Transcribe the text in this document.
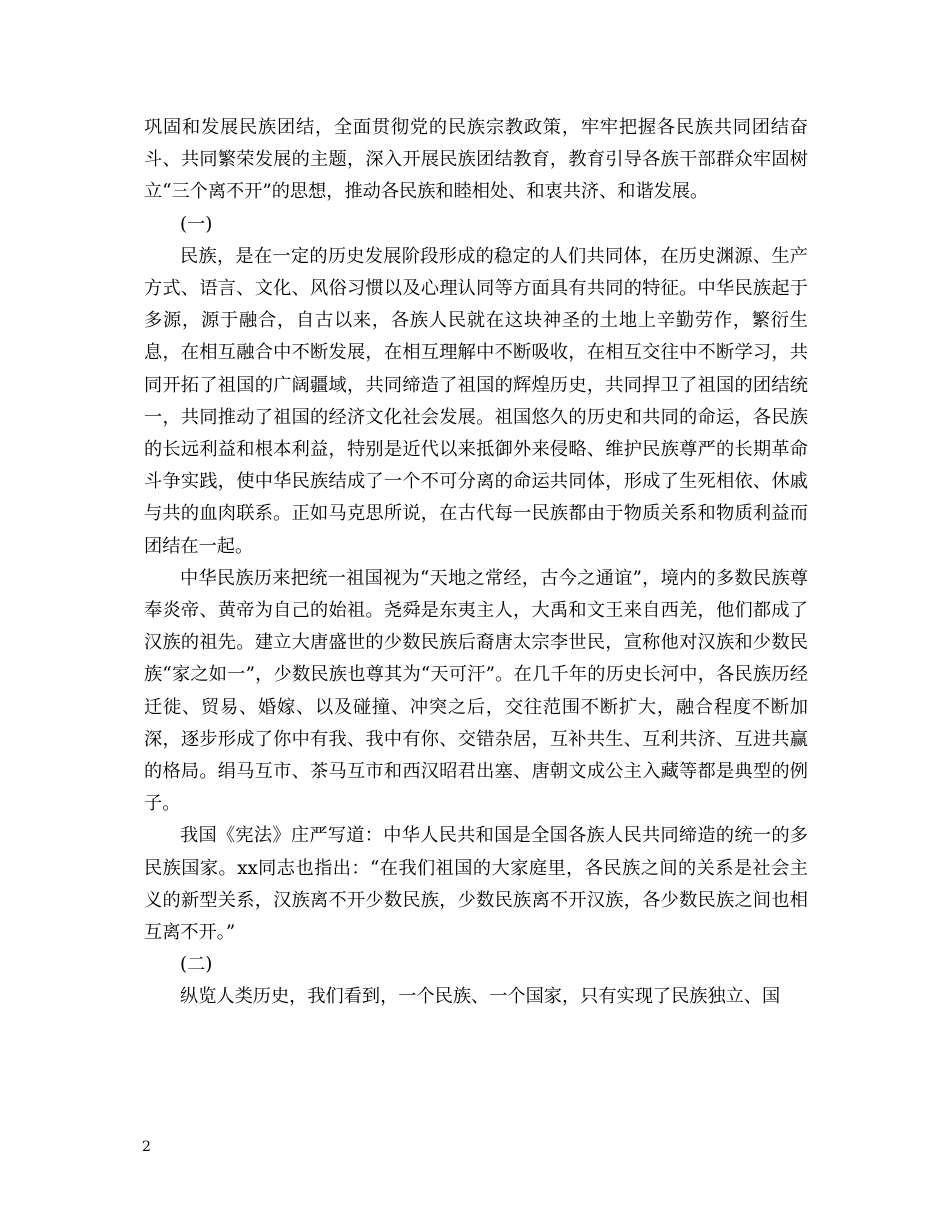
巩固和发展民族团结，全面贯彻党的民族宗教政策，牢牢把握各民族共同团结奋斗、共同繁荣发展的主题，深入开展民族团结教育，教育引导各族干部群众牢固树立“三个离不开”的思想，推动各民族和睦相处、和衷共济、和谐发展。

(一)

民族，是在一定的历史发展阶段形成的稳定的人们共同体，在历史渊源、生产方式、语言、文化、风俗习惯以及心理认同等方面具有共同的特征。中华民族起于多源，源于融合，自古以来，各族人民就在这块神圣的土地上辛勤劳作，繁衍生息，在相互融合中不断发展，在相互理解中不断吸收，在相互交往中不断学习，共同开拓了祖国的广阔疆域，共同缔造了祖国的辉煌历史，共同捍卫了祖国的团结统一，共同推动了祖国的经济文化社会发展。祖国悠久的历史和共同的命运，各民族的长远利益和根本利益，特别是近代以来抵御外来侵略、维护民族尊严的长期革命斗争实践，使中华民族结成了一个不可分离的命运共同体，形成了生死相依、休戚与共的血肉联系。正如马克思所说，在古代每一民族都由于物质关系和物质利益而团结在一起。

中华民族历来把统一祖国视为“天地之常经，古今之通谊”，境内的多数民族尊奉炎帝、黄帝为自己的始祖。尧舜是东夷主人，大禹和文王来自西羌，他们都成了汉族的祖先。建立大唐盛世的少数民族后裔唐太宗李世民，宣称他对汉族和少数民族“家之如一”，少数民族也尊其为“天可汗”。在几千年的历史长河中，各民族历经迁徙、贸易、婚嫁、以及碰撞、冲突之后，交往范围不断扩大，融合程度不断加深，逐步形成了你中有我、我中有你、交错杂居，互补共生、互利共济、互进共赢的格局。绢马互市、茶马互市和西汉昭君出塞、唐朝文成公主入藏等都是典型的例子。

我国《宪法》庄严写道：中华人民共和国是全国各族人民共同缔造的统一的多民族国家。xx同志也指出：“在我们祖国的大家庭里，各民族之间的关系是社会主义的新型关系，汉族离不开少数民族，少数民族离不开汉族，各少数民族之间也相互离不开。”

(二)

纵览人类历史，我们看到，一个民族、一个国家，只有实现了民族独立、国

2
